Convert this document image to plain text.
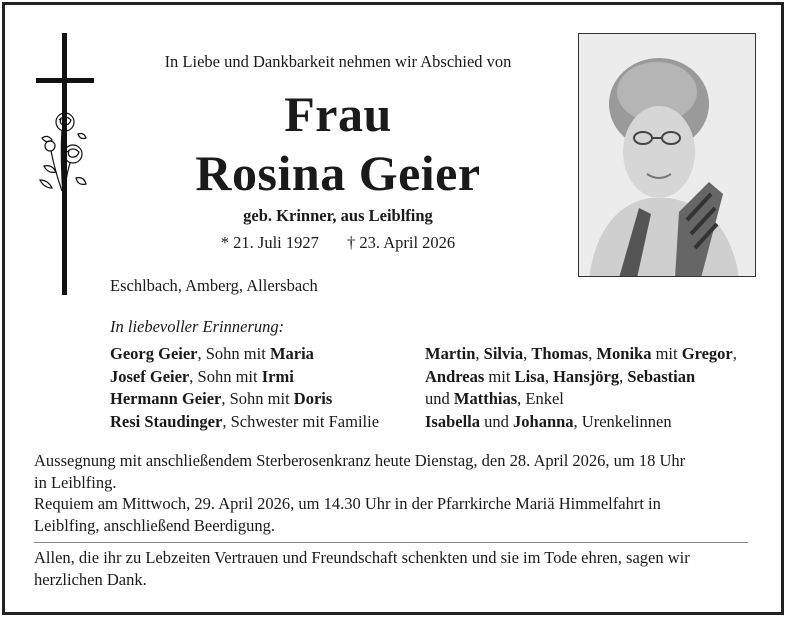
In Liebe und Dankbarkeit nehmen wir Abschied von
Frau
Rosina Geier
geb. Krinner, aus Leiblfing
* 21. Juli 1927 † 23. April 2026
Eschlbach, Amberg, Allersbach
In liebevoller Erinnerung:
Georg Geier, Sohn mit Maria
Josef Geier, Sohn mit Irmi
Hermann Geier, Sohn mit Doris
Resi Staudinger, Schwester mit Familie
Martin, Silvia, Thomas, Monika mit Gregor,
Andreas mit Lisa, Hansjörg, Sebastian
und Matthias, Enkel
Isabella und Johanna, Urenkelinnen
Aussegnung mit anschließendem Sterberosenkranz heute Dienstag, den 28. April 2026, um 18 Uhr
in Leiblfing.
Requiem am Mittwoch, 29. April 2026, um 14.30 Uhr in der Pfarrkirche Mariä Himmelfahrt in
Leiblfing, anschließend Beerdigung.
Allen, die ihr zu Lebzeiten Vertrauen und Freundschaft schenkten und sie im Tode ehren, sagen wir
herzlichen Dank.
